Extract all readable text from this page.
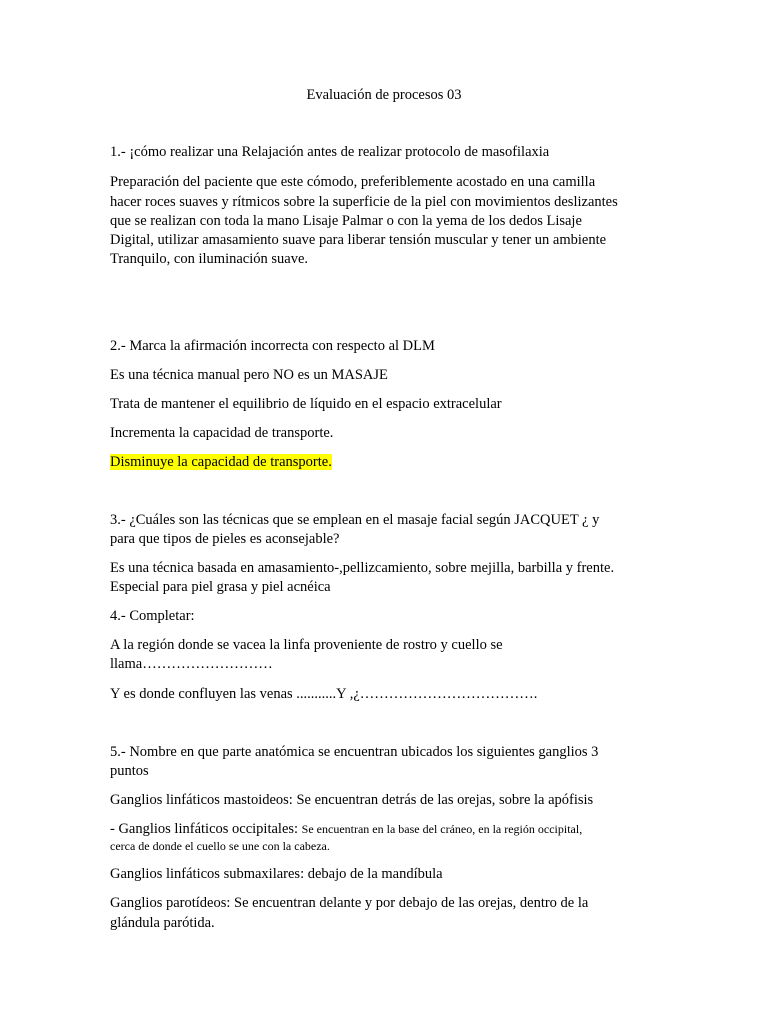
Evaluación de procesos 03
1.- ¡cómo realizar una Relajación antes de realizar protocolo de masofilaxia
Preparación del paciente que este cómodo, preferiblemente acostado en una camilla
hacer roces suaves y rítmicos sobre la superficie de la piel con movimientos deslizantes
que se realizan con toda la mano Lisaje Palmar o con la yema de los dedos Lisaje
Digital, utilizar amasamiento suave para liberar tensión muscular y tener un ambiente
Tranquilo, con iluminación suave.
2.- Marca la afirmación incorrecta con respecto al DLM
Es una técnica manual pero NO es un MASAJE
Trata de mantener el equilibrio de líquido en el espacio extracelular
Incrementa la capacidad de transporte.
Disminuye la capacidad de transporte.
3.- ¿Cuáles son las técnicas que se emplean en el masaje facial según JACQUET ¿ y
para que tipos de pieles es aconsejable?
Es una técnica basada en amasamiento-,pellizcamiento, sobre mejilla, barbilla y frente.
Especial para piel grasa y piel acnéica
4.- Completar:
A la región donde se vacea la linfa proveniente de rostro y cuello se
llama………………………
Y es donde confluyen las venas ...........Y ,¿……………………………….
5.- Nombre en que parte anatómica se encuentran ubicados los siguientes ganglios 3
puntos
Ganglios linfáticos mastoideos: Se encuentran detrás de las orejas, sobre la apófisis
- Ganglios linfáticos occipitales: Se encuentran en la base del cráneo, en la región occipital,
cerca de donde el cuello se une con la cabeza.
Ganglios linfáticos submaxilares: debajo de la mandíbula
Ganglios parotídeos: Se encuentran delante y por debajo de las orejas, dentro de la
glándula parótida.
